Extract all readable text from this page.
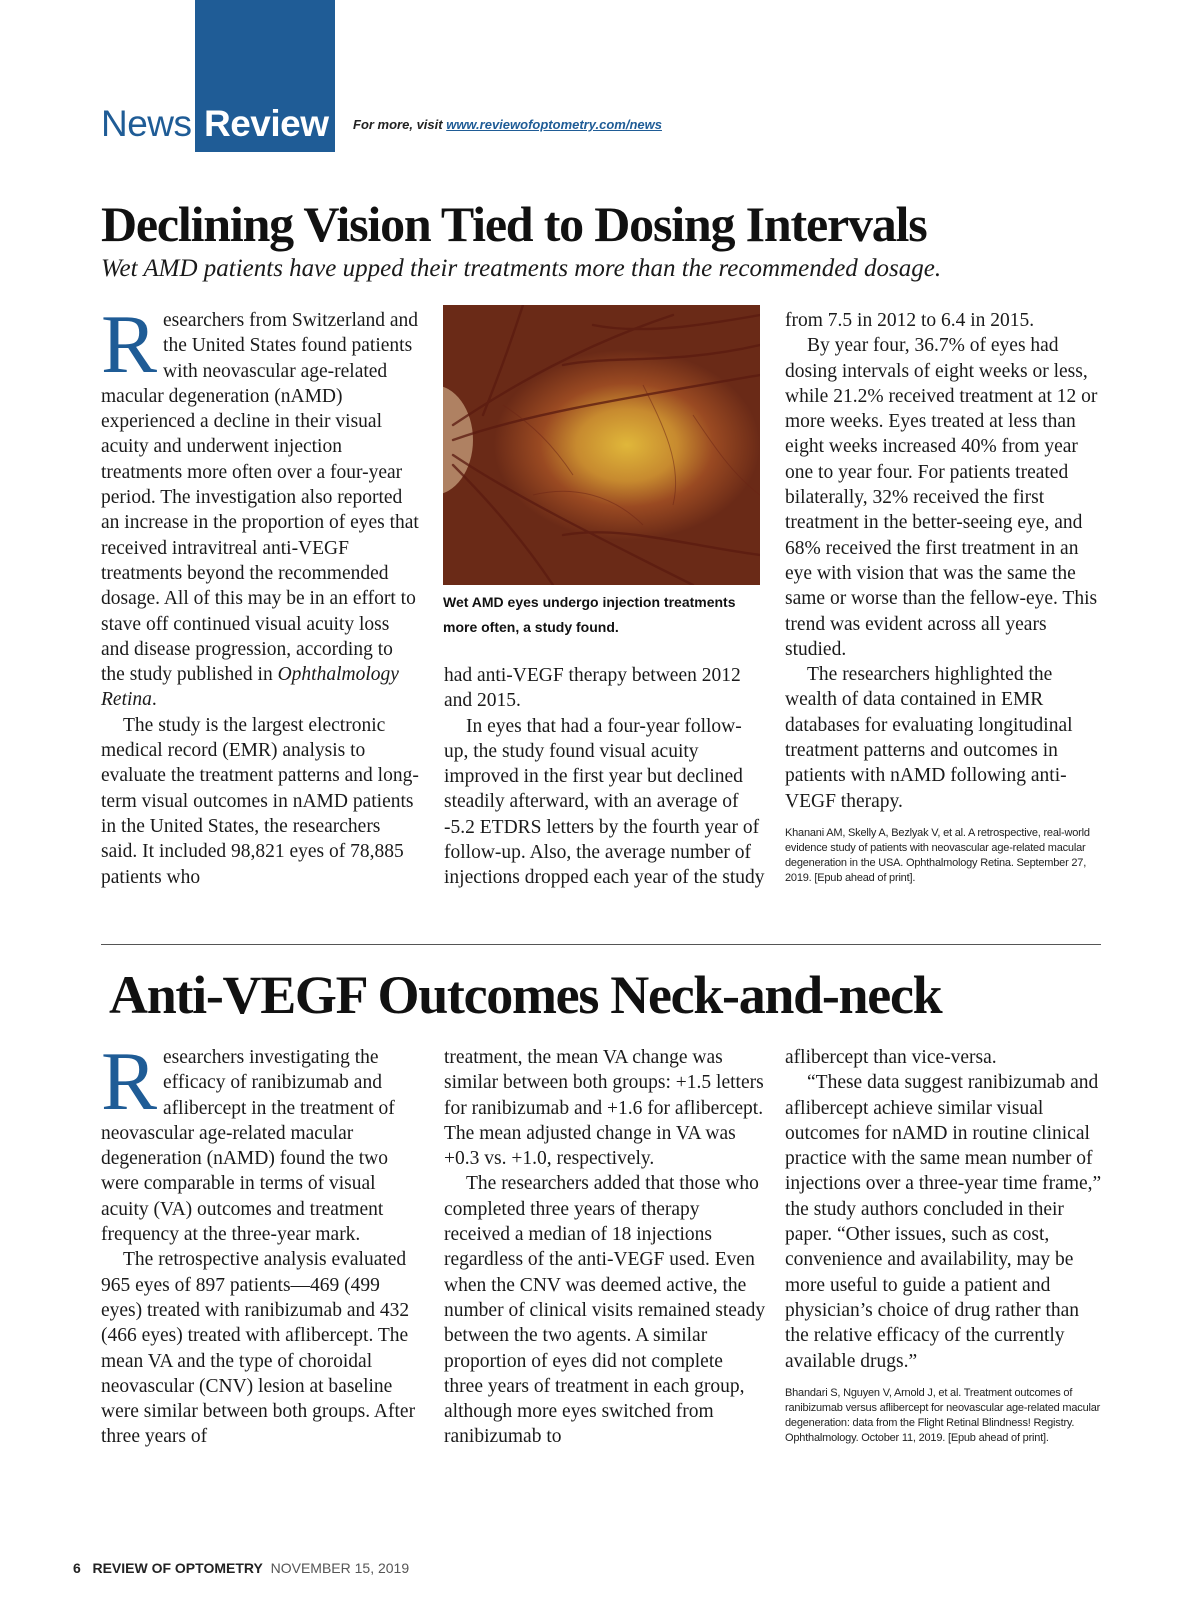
News Review For more, visit www.reviewofoptometry.com/news
Declining Vision Tied to Dosing Intervals
Wet AMD patients have upped their treatments more than the recommended dosage.

Researchers from Switzerland and the United States found patients with neovascular age-related macular degeneration (nAMD) experienced a decline in their visual acuity and underwent injection treatments more often over a four-year period. The investigation also reported an increase in the proportion of eyes that received intravitreal anti-VEGF treatments beyond the recommended dosage. All of this may be in an effort to stave off continued visual acuity loss and disease progression, according to the study published in Ophthalmology Retina.

The study is the largest electronic medical record (EMR) analysis to evaluate the treatment patterns and long-term visual outcomes in nAMD patients in the United States, the researchers said. It included 98,821 eyes of 78,885 patients who

Wet AMD eyes undergo injection treatments more often, a study found.

had anti-VEGF therapy between 2012 and 2015.

In eyes that had a four-year follow-up, the study found visual acuity improved in the first year but declined steadily afterward, with an average of -5.2 ETDRS letters by the fourth year of follow-up. Also, the average number of injections dropped each year of the study

from 7.5 in 2012 to 6.4 in 2015.

By year four, 36.7% of eyes had dosing intervals of eight weeks or less, while 21.2% received treatment at 12 or more weeks. Eyes treated at less than eight weeks increased 40% from year one to year four. For patients treated bilaterally, 32% received the first treatment in the better-seeing eye, and 68% received the first treatment in an eye with vision that was the same the same or worse than the fellow-eye. This trend was evident across all years studied.

The researchers highlighted the wealth of data contained in EMR databases for evaluating longitudinal treatment patterns and outcomes in patients with nAMD following anti-VEGF therapy.

Khanani AM, Skelly A, Bezlyak V, et al. A retrospective, real-world evidence study of patients with neovascular age-related macular degeneration in the USA. Ophthalmology Retina. September 27, 2019. [Epub ahead of print].

Anti-VEGF Outcomes Neck-and-neck

Researchers investigating the efficacy of ranibizumab and aflibercept in the treatment of neovascular age-related macular degeneration (nAMD) found the two were comparable in terms of visual acuity (VA) outcomes and treatment frequency at the three-year mark.

The retrospective analysis evaluated 965 eyes of 897 patients—469 (499 eyes) treated with ranibizumab and 432 (466 eyes) treated with aflibercept. The mean VA and the type of choroidal neovascular (CNV) lesion at baseline were similar between both groups. After three years of

treatment, the mean VA change was similar between both groups: +1.5 letters for ranibizumab and +1.6 for aflibercept. The mean adjusted change in VA was +0.3 vs. +1.0, respectively.

The researchers added that those who completed three years of therapy received a median of 18 injections regardless of the anti-VEGF used. Even when the CNV was deemed active, the number of clinical visits remained steady between the two agents. A similar proportion of eyes did not complete three years of treatment in each group, although more eyes switched from ranibizumab to

aflibercept than vice-versa.

“These data suggest ranibizumab and aflibercept achieve similar visual outcomes for nAMD in routine clinical practice with the same mean number of injections over a three-year time frame,” the study authors concluded in their paper. “Other issues, such as cost, convenience and availability, may be more useful to guide a patient and physician’s choice of drug rather than the relative efficacy of the currently available drugs.”

Bhandari S, Nguyen V, Arnold J, et al. Treatment outcomes of ranibizumab versus aflibercept for neovascular age-related macular degeneration: data from the Flight Retinal Blindness! Registry. Ophthalmology. October 11, 2019. [Epub ahead of print].

6 REVIEW OF OPTOMETRY NOVEMBER 15, 2019
